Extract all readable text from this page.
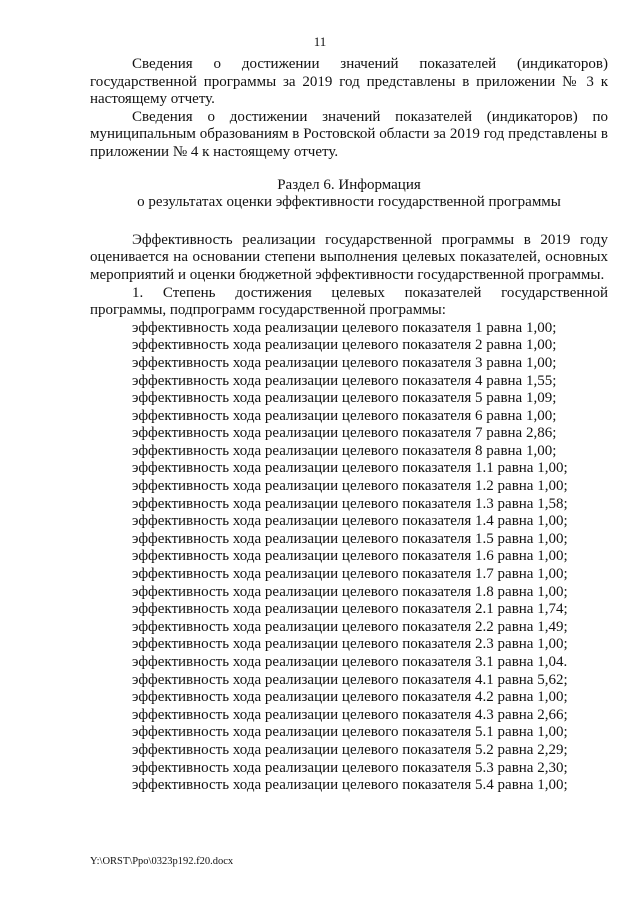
11

Сведения о достижении значений показателей (индикаторов) государственной программы за 2019 год представлены в приложении № 3 к настоящему отчету.

Сведения о достижении значений показателей (индикаторов) по муниципальным образованиям в Ростовской области за 2019 год представлены в приложении № 4 к настоящему отчету.

Раздел 6. Информация

о результатах оценки эффективности государственной программы

Эффективность реализации государственной программы в 2019 году оценивается на основании степени выполнения целевых показателей, основных мероприятий и оценки бюджетной эффективности государственной программы.

1. Степень достижения целевых показателей государственной программы, подпрограмм государственной программы:

эффективность хода реализации целевого показателя 1 равна 1,00;
эффективность хода реализации целевого показателя 2 равна 1,00;
эффективность хода реализации целевого показателя 3 равна 1,00;
эффективность хода реализации целевого показателя 4 равна 1,55;
эффективность хода реализации целевого показателя 5 равна 1,09;
эффективность хода реализации целевого показателя 6 равна 1,00;
эффективность хода реализации целевого показателя 7 равна 2,86;
эффективность хода реализации целевого показателя 8 равна 1,00;
эффективность хода реализации целевого показателя 1.1 равна 1,00;
эффективность хода реализации целевого показателя 1.2 равна 1,00;
эффективность хода реализации целевого показателя 1.3 равна 1,58;
эффективность хода реализации целевого показателя 1.4 равна 1,00;
эффективность хода реализации целевого показателя 1.5 равна 1,00;
эффективность хода реализации целевого показателя 1.6 равна 1,00;
эффективность хода реализации целевого показателя 1.7 равна 1,00;
эффективность хода реализации целевого показателя 1.8 равна 1,00;
эффективность хода реализации целевого показателя 2.1 равна 1,74;
эффективность хода реализации целевого показателя 2.2 равна 1,49;
эффективность хода реализации целевого показателя 2.3 равна 1,00;
эффективность хода реализации целевого показателя 3.1 равна 1,04.
эффективность хода реализации целевого показателя 4.1 равна 5,62;
эффективность хода реализации целевого показателя 4.2 равна 1,00;
эффективность хода реализации целевого показателя 4.3 равна 2,66;
эффективность хода реализации целевого показателя 5.1 равна 1,00;
эффективность хода реализации целевого показателя 5.2 равна 2,29;
эффективность хода реализации целевого показателя 5.3 равна 2,30;
эффективность хода реализации целевого показателя 5.4 равна 1,00;
Y:\ORST\Ppo\0323p192.f20.docx
